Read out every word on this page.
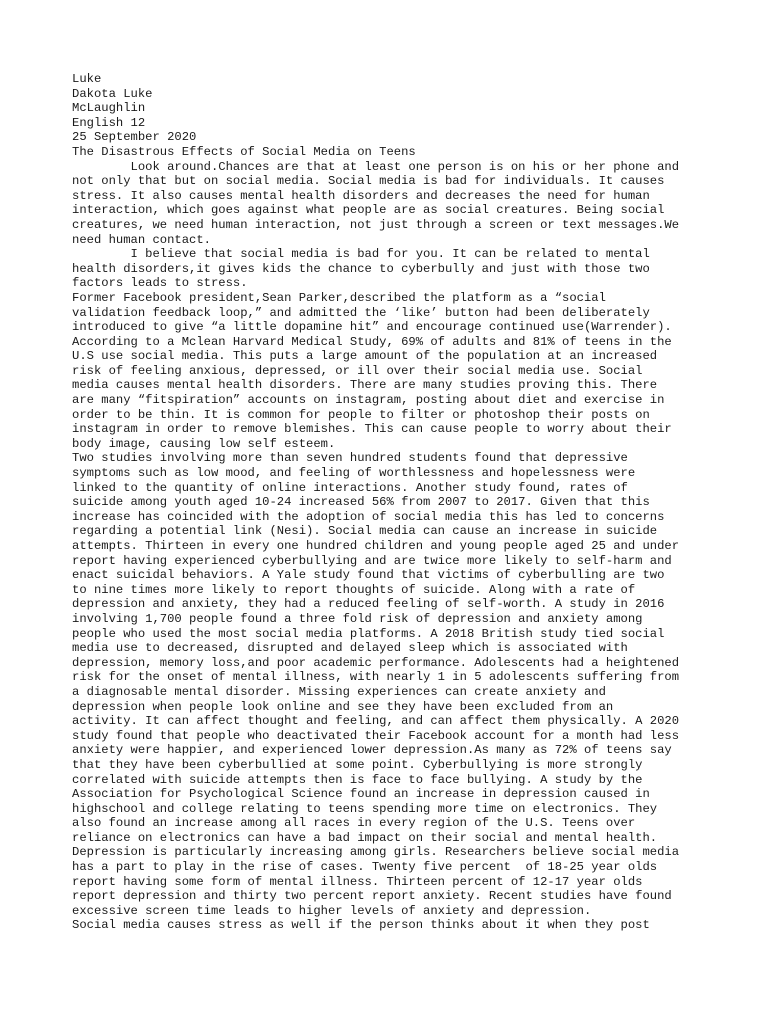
Luke
Dakota Luke
McLaughlin
English 12
25 September 2020
The Disastrous Effects of Social Media on Teens
Look around.Chances are that at least one person is on his or her phone and
not only that but on social media. Social media is bad for individuals. It causes
stress. It also causes mental health disorders and decreases the need for human
interaction, which goes against what people are as social creatures. Being social
creatures, we need human interaction, not just through a screen or text messages.We
need human contact.
I believe that social media is bad for you. It can be related to mental
health disorders,it gives kids the chance to cyberbully and just with those two
factors leads to stress.
Former Facebook president,Sean Parker,described the platform as a “social
validation feedback loop,” and admitted the ‘like’ button had been deliberately
introduced to give “a little dopamine hit” and encourage continued use(Warrender).
According to a Mclean Harvard Medical Study, 69% of adults and 81% of teens in the
U.S use social media. This puts a large amount of the population at an increased
risk of feeling anxious, depressed, or ill over their social media use. Social
media causes mental health disorders. There are many studies proving this. There
are many “fitspiration” accounts on instagram, posting about diet and exercise in
order to be thin. It is common for people to filter or photoshop their posts on
instagram in order to remove blemishes. This can cause people to worry about their
body image, causing low self esteem.
Two studies involving more than seven hundred students found that depressive
symptoms such as low mood, and feeling of worthlessness and hopelessness were
linked to the quantity of online interactions. Another study found, rates of
suicide among youth aged 10-24 increased 56% from 2007 to 2017. Given that this
increase has coincided with the adoption of social media this has led to concerns
regarding a potential link (Nesi). Social media can cause an increase in suicide
attempts. Thirteen in every one hundred children and young people aged 25 and under
report having experienced cyberbullying and are twice more likely to self-harm and
enact suicidal behaviors. A Yale study found that victims of cyberbulling are two
to nine times more likely to report thoughts of suicide. Along with a rate of
depression and anxiety, they had a reduced feeling of self-worth. A study in 2016
involving 1,700 people found a three fold risk of depression and anxiety among
people who used the most social media platforms. A 2018 British study tied social
media use to decreased, disrupted and delayed sleep which is associated with
depression, memory loss,and poor academic performance. Adolescents had a heightened
risk for the onset of mental illness, with nearly 1 in 5 adolescents suffering from
a diagnosable mental disorder. Missing experiences can create anxiety and
depression when people look online and see they have been excluded from an
activity. It can affect thought and feeling, and can affect them physically. A 2020
study found that people who deactivated their Facebook account for a month had less
anxiety were happier, and experienced lower depression.As many as 72% of teens say
that they have been cyberbullied at some point. Cyberbullying is more strongly
correlated with suicide attempts then is face to face bullying. A study by the
Association for Psychological Science found an increase in depression caused in
highschool and college relating to teens spending more time on electronics. They
also found an increase among all races in every region of the U.S. Teens over
reliance on electronics can have a bad impact on their social and mental health.
Depression is particularly increasing among girls. Researchers believe social media
has a part to play in the rise of cases. Twenty five percent  of 18-25 year olds
report having some form of mental illness. Thirteen percent of 12-17 year olds
report depression and thirty two percent report anxiety. Recent studies have found
excessive screen time leads to higher levels of anxiety and depression.
Social media causes stress as well if the person thinks about it when they post
